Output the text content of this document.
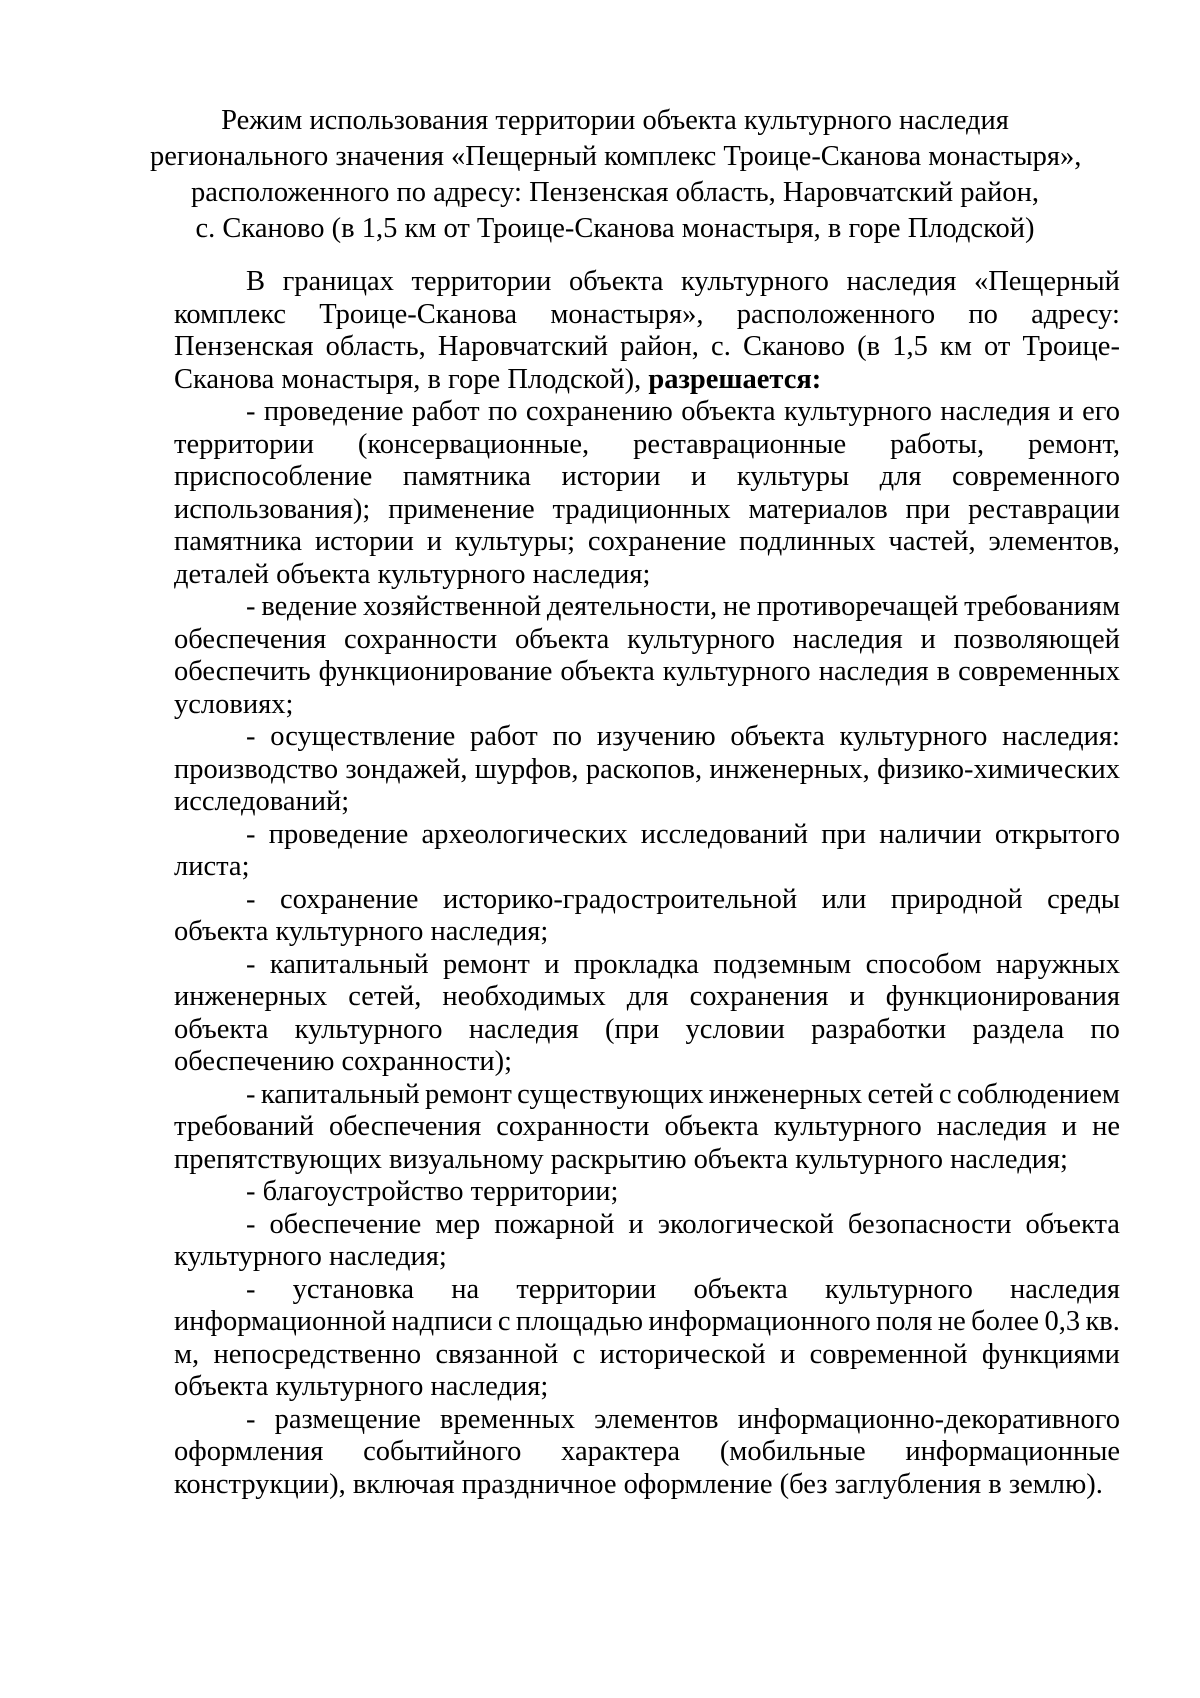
Режим использования территории объекта культурного наследия
регионального значения «Пещерный комплекс Троице-Сканова монастыря»,
расположенного по адресу: Пензенская область, Наровчатский район,
с. Сканово (в 1,5 км от Троице-Сканова монастыря, в горе Плодской)
В границах территории объекта культурного наследия «Пещерный
комплекс Троице-Сканова монастыря», расположенного по адресу:
Пензенская область, Наровчатский район, с. Сканово (в 1,5 км от Троице-
Сканова монастыря, в горе Плодской), разрешается:
- проведение работ по сохранению объекта культурного наследия и его
территории (консервационные, реставрационные работы, ремонт,
приспособление памятника истории и культуры для современного
использования); применение традиционных материалов при реставрации
памятника истории и культуры; сохранение подлинных частей, элементов,
деталей объекта культурного наследия;
- ведение хозяйственной деятельности, не противоречащей требованиям
обеспечения сохранности объекта культурного наследия и позволяющей
обеспечить функционирование объекта культурного наследия в современных
условиях;
- осуществление работ по изучению объекта культурного наследия:
производство зондажей, шурфов, раскопов, инженерных, физико-химических
исследований;
- проведение археологических исследований при наличии открытого
листа;
- сохранение историко-градостроительной или природной среды
объекта культурного наследия;
- капитальный ремонт и прокладка подземным способом наружных
инженерных сетей, необходимых для сохранения и функционирования
объекта культурного наследия (при условии разработки раздела по
обеспечению сохранности);
- капитальный ремонт существующих инженерных сетей с соблюдением
требований обеспечения сохранности объекта культурного наследия и не
препятствующих визуальному раскрытию объекта культурного наследия;
- благоустройство территории;
- обеспечение мер пожарной и экологической безопасности объекта
культурного наследия;
- установка на территории объекта культурного наследия
информационной надписи с площадью информационного поля не более 0,3 кв.
м, непосредственно связанной с исторической и современной функциями
объекта культурного наследия;
- размещение временных элементов информационно-декоративного
оформления событийного характера (мобильные информационные
конструкции), включая праздничное оформление (без заглубления в землю).
